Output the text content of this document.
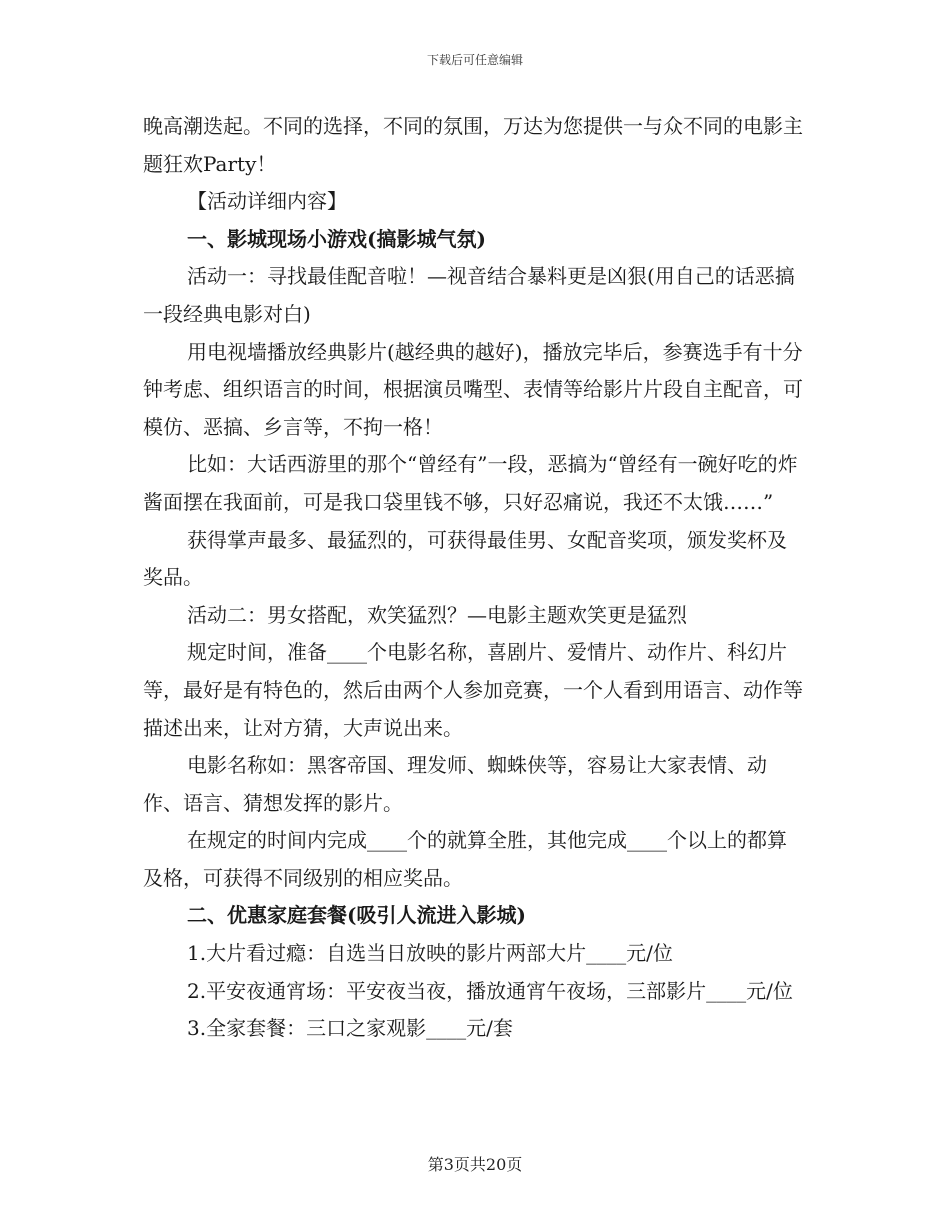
下载后可任意编辑

晚高潮迭起。不同的选择，不同的氛围，万达为您提供一与众不同的电影主题狂欢Party！

【活动详细内容】

一、影城现场小游戏(搞影城气氛)

活动一：寻找最佳配音啦！—视音结合暴料更是凶狠(用自己的话恶搞一段经典电影对白)

用电视墙播放经典影片(越经典的越好)，播放完毕后，参赛选手有十分钟考虑、组织语言的时间，根据演员嘴型、表情等给影片片段自主配音，可模仿、恶搞、乡言等，不拘一格！

比如：大话西游里的那个“曾经有”一段，恶搞为“曾经有一碗好吃的炸酱面摆在我面前，可是我口袋里钱不够，只好忍痛说，我还不太饿……”

获得掌声最多、最猛烈的，可获得最佳男、女配音奖项，颁发奖杯及奖品。

活动二：男女搭配，欢笑猛烈？—电影主题欢笑更是猛烈

规定时间，准备____个电影名称，喜剧片、爱情片、动作片、科幻片等，最好是有特色的，然后由两个人参加竞赛，一个人看到用语言、动作等描述出来，让对方猜，大声说出来。

电影名称如：黑客帝国、理发师、蜘蛛侠等，容易让大家表情、动作、语言、猜想发挥的影片。

在规定的时间内完成____个的就算全胜，其他完成____个以上的都算及格，可获得不同级别的相应奖品。

二、优惠家庭套餐(吸引人流进入影城)

1.大片看过瘾：自选当日放映的影片两部大片____元/位

2.平安夜通宵场：平安夜当夜，播放通宵午夜场，三部影片____元/位

3.全家套餐：三口之家观影____元/套

第3页共20页
